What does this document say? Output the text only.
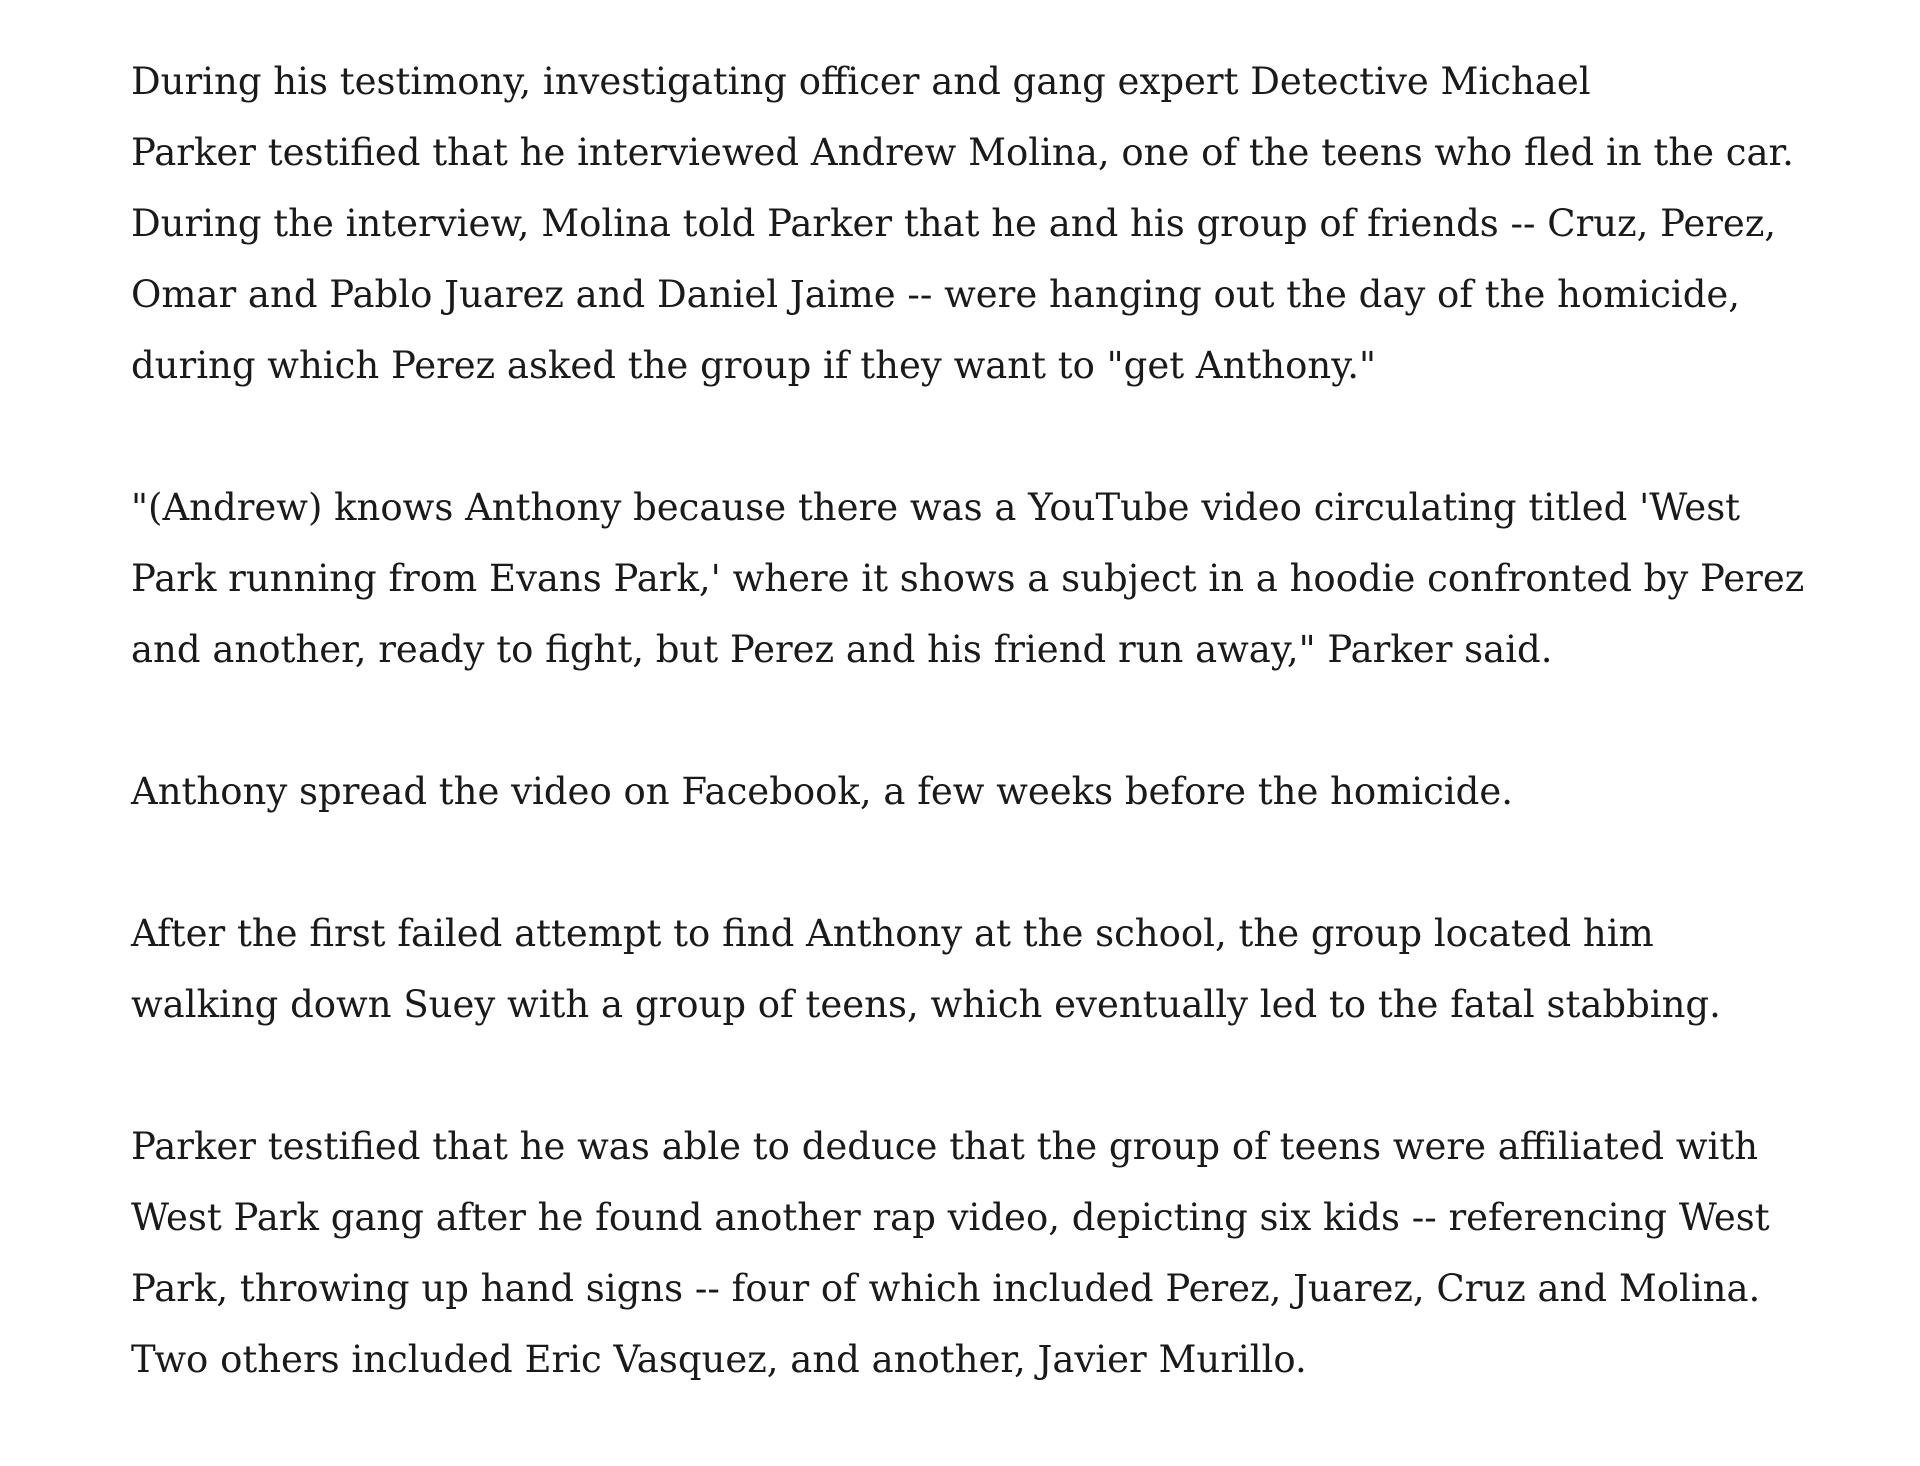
During his testimony, investigating officer and gang expert Detective Michael
Parker testified that he interviewed Andrew Molina, one of the teens who fled in the car.
During the interview, Molina told Parker that he and his group of friends -- Cruz, Perez,
Omar and Pablo Juarez and Daniel Jaime -- were hanging out the day of the homicide,
during which Perez asked the group if they want to "get Anthony."

"(Andrew) knows Anthony because there was a YouTube video circulating titled 'West
Park running from Evans Park,' where it shows a subject in a hoodie confronted by Perez
and another, ready to fight, but Perez and his friend run away," Parker said.

Anthony spread the video on Facebook, a few weeks before the homicide.

After the first failed attempt to find Anthony at the school, the group located him
walking down Suey with a group of teens, which eventually led to the fatal stabbing.

Parker testified that he was able to deduce that the group of teens were affiliated with
West Park gang after he found another rap video, depicting six kids -- referencing West
Park, throwing up hand signs -- four of which included Perez, Juarez, Cruz and Molina.
Two others included Eric Vasquez, and another, Javier Murillo.
